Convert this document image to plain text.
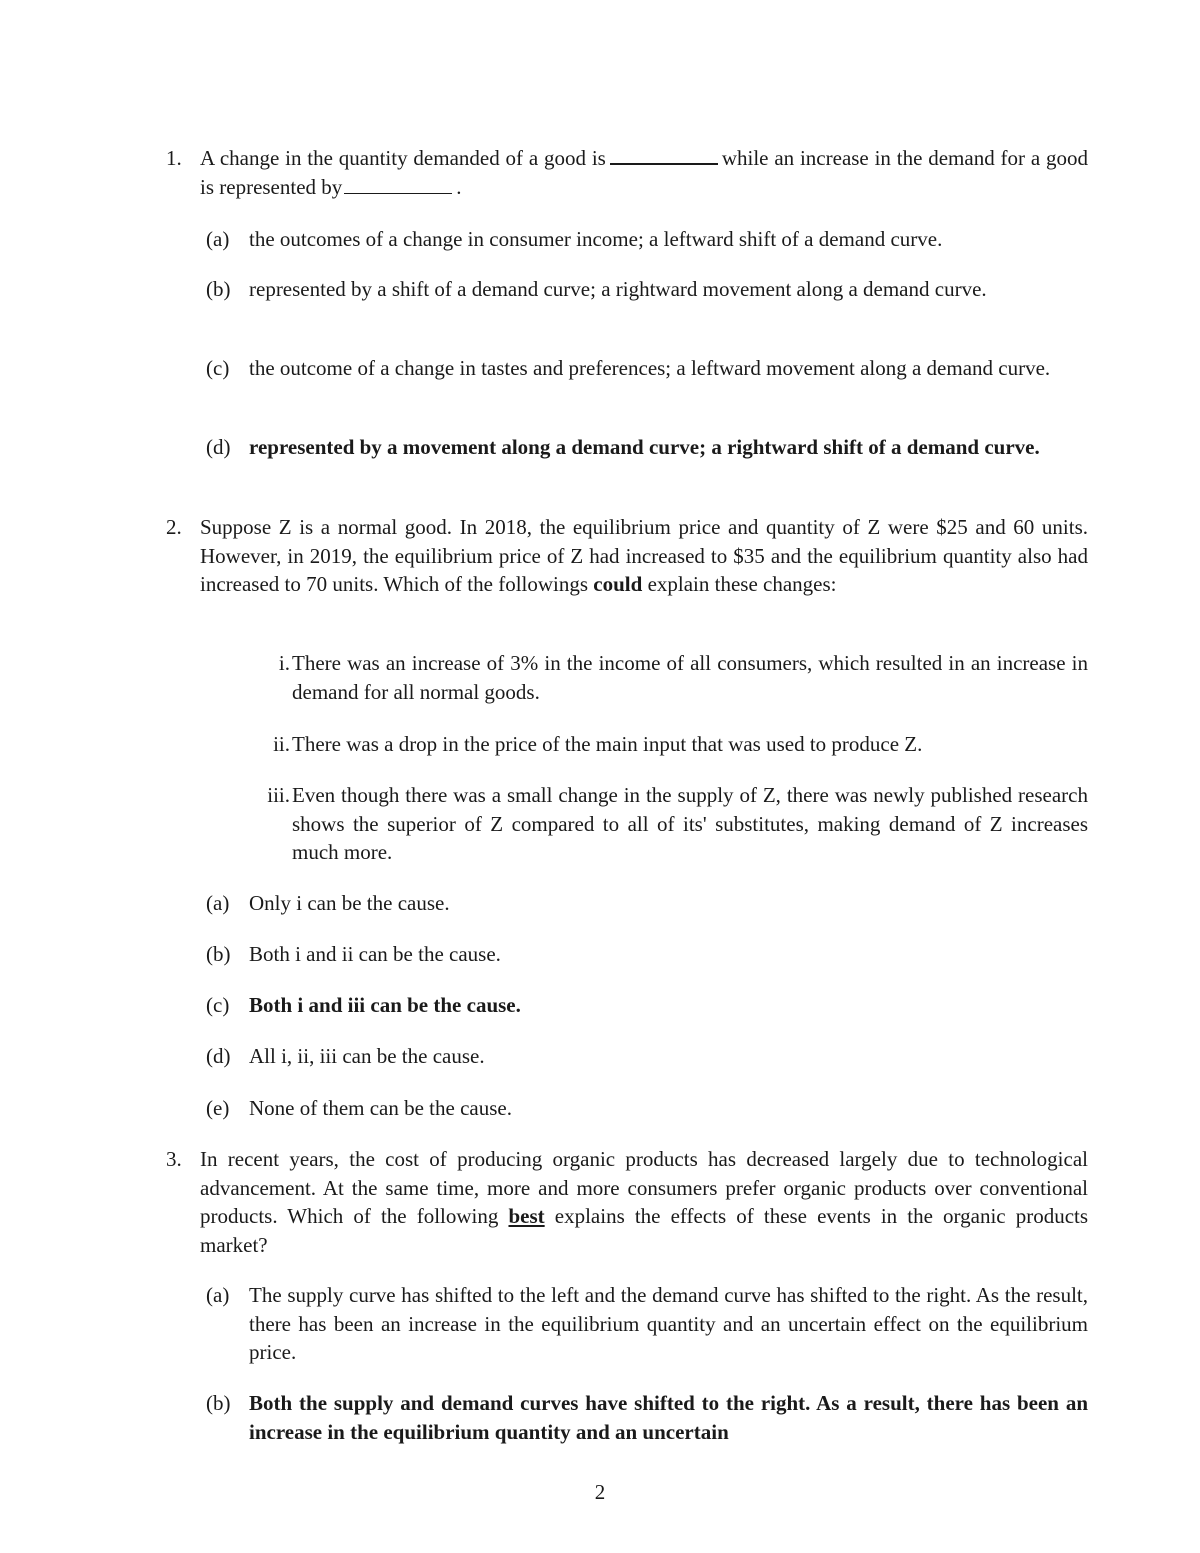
1. A change in the quantity demanded of a good is	while an increase in the demand for a good is represented by	.
(a) the outcomes of a change in consumer income; a leftward shift of a demand curve.
(b) represented by a shift of a demand curve; a rightward movement along a demand curve.
(c) the outcome of a change in tastes and preferences; a leftward movement along a demand curve.
(d) represented by a movement along a demand curve; a rightward shift of a demand curve.
2. Suppose Z is a normal good. In 2018, the equilibrium price and quantity of Z were $25 and 60 units. However, in 2019, the equilibrium price of Z had increased to $35 and the equilibrium quantity also had increased to 70 units. Which of the followings could explain these changes:
i. There was an increase of 3% in the income of all consumers, which resulted in an increase in demand for all normal goods.
ii. There was a drop in the price of the main input that was used to produce Z.
iii. Even though there was a small change in the supply of Z, there was newly published research shows the superior of Z compared to all of its' substitutes, making demand of Z increases much more.
(a) Only i can be the cause.
(b) Both i and ii can be the cause.
(c) Both i and iii can be the cause.
(d) All i, ii, iii can be the cause.
(e) None of them can be the cause.
3. In recent years, the cost of producing organic products has decreased largely due to technological advancement. At the same time, more and more consumers prefer organic products over conventional products. Which of the following best explains the effects of these events in the organic products market?
(a) The supply curve has shifted to the left and the demand curve has shifted to the right. As the result, there has been an increase in the equilibrium quantity and an uncertain effect on the equilibrium price.
(b) Both the supply and demand curves have shifted to the right. As a result, there has been an increase in the equilibrium quantity and an uncertain
2
